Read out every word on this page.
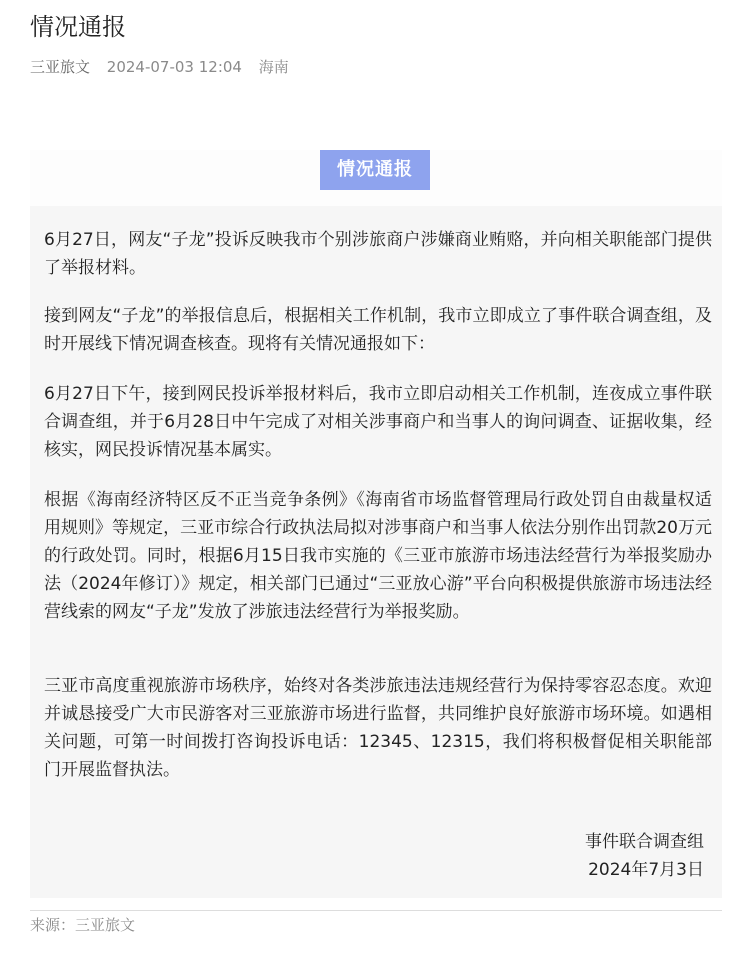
情况通报
三亚旅文 2024-07-03 12:04 海南
情况通报

6月27日，网友“子龙”投诉反映我市个别涉旅商户涉嫌商业贿赂，并向相关职能部门提供了举报材料。

接到网友“子龙”的举报信息后，根据相关工作机制，我市立即成立了事件联合调查组，及时开展线下情况调查核查。现将有关情况通报如下：

6月27日下午，接到网民投诉举报材料后，我市立即启动相关工作机制，连夜成立事件联合调查组，并于6月28日中午完成了对相关涉事商户和当事人的询问调查、证据收集，经核实，网民投诉情况基本属实。

根据《海南经济特区反不正当竞争条例》《海南省市场监督管理局行政处罚自由裁量权适用规则》等规定，三亚市综合行政执法局拟对涉事商户和当事人依法分别作出罚款20万元的行政处罚。同时，根据6月15日我市实施的《三亚市旅游市场违法经营行为举报奖励办法（2024年修订）》规定，相关部门已通过“三亚放心游”平台向积极提供旅游市场违法经营线索的网友“子龙”发放了涉旅违法经营行为举报奖励。

三亚市高度重视旅游市场秩序，始终对各类涉旅违法违规经营行为保持零容忍态度。欢迎并诚恳接受广大市民游客对三亚旅游市场进行监督，共同维护良好旅游市场环境。如遇相关问题，可第一时间拨打咨询投诉电话：12345、12315，我们将积极督促相关职能部门开展监督执法。

事件联合调查组
2024年7月3日
来源：三亚旅文
